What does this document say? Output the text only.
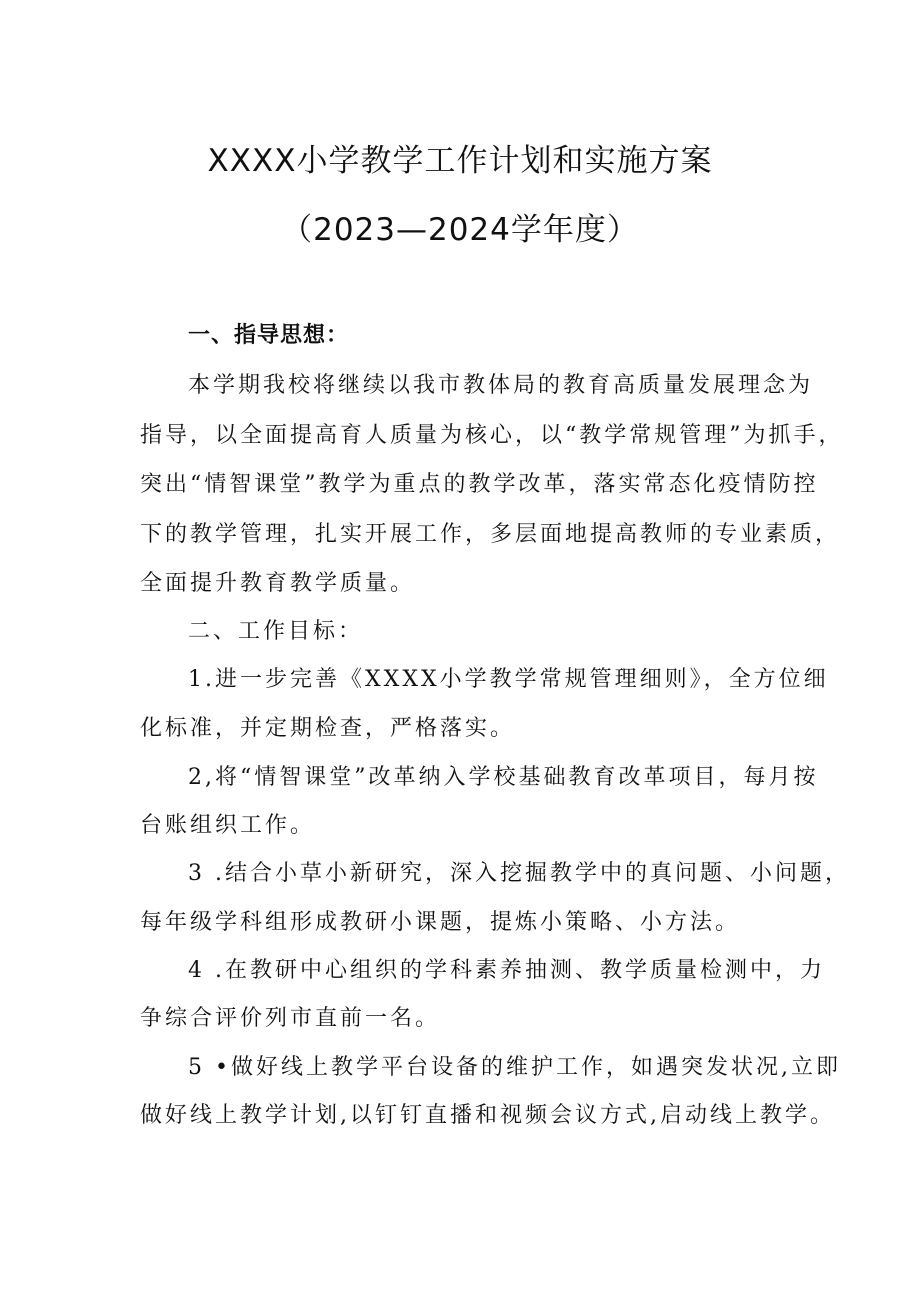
XXXX小学教学工作计划和实施方案
（2023—2024学年度）
一、指导思想：
本学期我校将继续以我市教体局的教育高质量发展理念为
指导，以全面提高育人质量为核心，以“教学常规管理”为抓手，
突出“情智课堂”教学为重点的教学改革，落实常态化疫情防控
下的教学管理，扎实开展工作，多层面地提高教师的专业素质，
全面提升教育教学质量。
二、工作目标：
1.进一步完善《XXXX小学教学常规管理细则》，全方位细
化标准，并定期检查，严格落实。
2,将“情智课堂”改革纳入学校基础教育改革项目，每月按
台账组织工作。
3 .结合小草小新研究，深入挖掘教学中的真问题、小问题，
每年级学科组形成教研小课题，提炼小策略、小方法。
4 .在教研中心组织的学科素养抽测、教学质量检测中，力
争综合评价列市直前一名。
5 •做好线上教学平台设备的维护工作，如遇突发状况,立即
做好线上教学计划,以钉钉直播和视频会议方式,启动线上教学。
